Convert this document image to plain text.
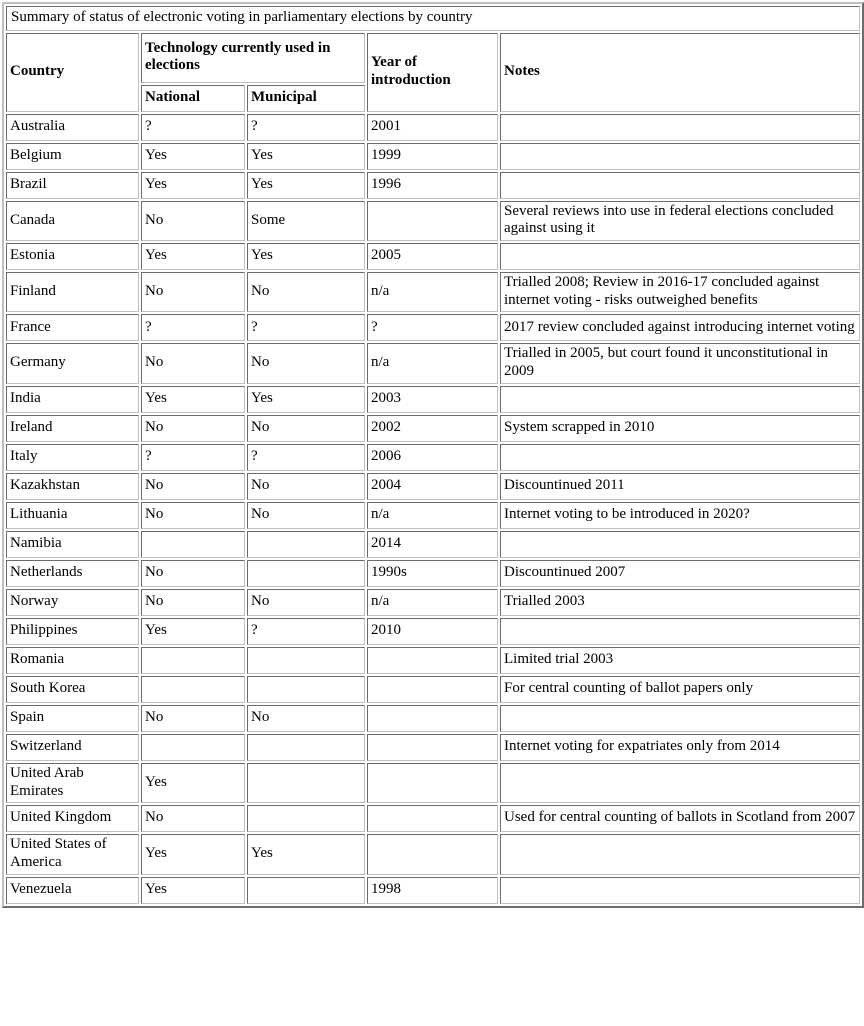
Summary of status of electronic voting in parliamentary elections by country				
Country	Technology currently used in elections		Year of introduction	Notes
	National	Municipal		
Australia	?	?	2001	
Belgium	Yes	Yes	1999	
Brazil	Yes	Yes	1996	
Canada	No	Some		Several reviews into use in federal elections concluded against using it
Estonia	Yes	Yes	2005	
Finland	No	No	n/a	Trialled 2008; Review in 2016-17 concluded against internet voting - risks outweighed benefits
France	?	?	?	2017 review concluded against introducing internet voting
Germany	No	No	n/a	Trialled in 2005, but court found it unconstitutional in 2009
India	Yes	Yes	2003	
Ireland	No	No	2002	System scrapped in 2010
Italy	?	?	2006	
Kazakhstan	No	No	2004	Discountinued 2011
Lithuania	No	No	n/a	Internet voting to be introduced in 2020?
Namibia			2014	
Netherlands	No		1990s	Discountinued 2007
Norway	No	No	n/a	Trialled 2003
Philippines	Yes	?	2010	
Romania				Limited trial 2003
South Korea				For central counting of ballot papers only
Spain	No	No		
Switzerland				Internet voting for expatriates only from 2014
United Arab Emirates	Yes			
United Kingdom	No			Used for central counting of ballots in Scotland from 2007
United States of America	Yes	Yes		
Venezuela	Yes		1998	
